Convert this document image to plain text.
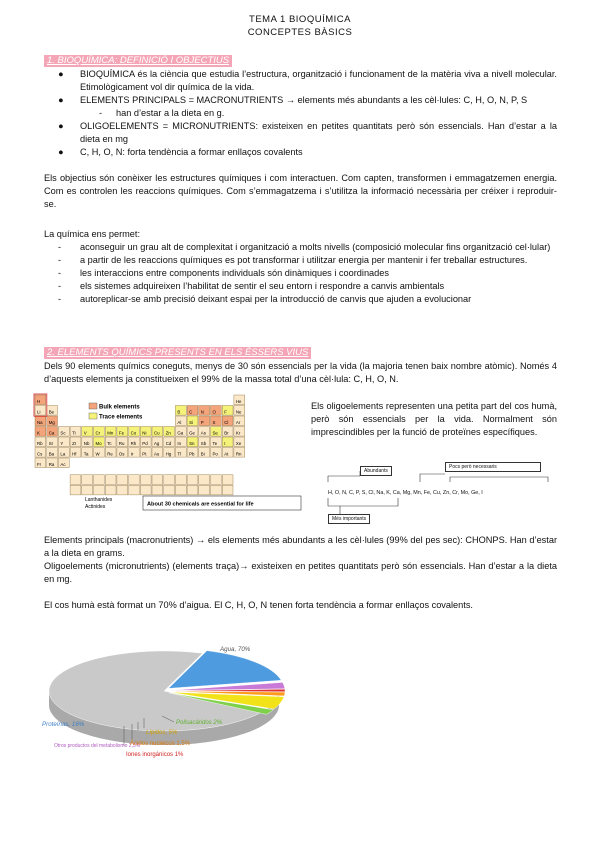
TEMA 1 BIOQUÍMICA
CONCEPTES BÀSICS
1. BIOQUÍMICA: DEFINICIÓ I OBJECTIUS
● BIOQUÍMICA és la ciència que estudia l’estructura, organització i funcionament de la matèria viva a nivell molecular. Etimològicament vol dir química de la vida.
● ELEMENTS PRINCIPALS = MACRONUTRIENTS → elements més abundants a les cèl·lules: C, H, O, N, P, S
- han d’estar a la dieta en g.
● OLIGOELEMENTS = MICRONUTRIENTS: existeixen en petites quantitats però són essencials. Han d’estar a la dieta en mg
● C, H, O, N: forta tendència a formar enllaços covalents
Els objectius són conèixer les estructures químiques i com interactuen. Com capten, transformen i emmagatzemen energia. Com es controlen les reaccions químiques. Com s’emmagatzema i s’utilitza la informació necessària per créixer i reproduir-se.
La química ens permet:
- aconseguir un grau alt de complexitat i organització a molts nivells (composició molecular fins organització cel·lular)
- a partir de les reaccions químiques es pot transformar i utilitzar energia per mantenir i fer treballar estructures.
- les interaccions entre components individuals són dinàmiques i coordinades
- els sistemes adquireixen l’habilitat de sentir el seu entorn i respondre a canvis ambientals
- autoreplicar-se amb precisió deixant espai per la introducció de canvis que ajuden a evolucionar
2. ELEMENTS QUÍMICS PRESENTS EN ELS ÉSSERS VIUS
Dels 90 elements químics coneguts, menys de 30 són essencials per la vida (la majoria tenen baix nombre atòmic). Només 4 d’aquests elements ja constitueixen el 99% de la massa total d’una cèl·lula: C, H, O, N.
H	He
Li Be	B C N O F Ne
Na Mg	Al Si P S Cl Ar
K Ca Sc Ti V Cr Mn Fe Co Ni Cu Zn Ga Ge As Se Br Kr
Rb Sr Y Zr Nb Mo Tc Ru Rh Pd Ag Cd In Sn Sb Te I Xe
Cs Ba La Hf Ta W Re Os Ir Pt Au Hg Tl Pb Bi Po At Rn
Fr Ra Ac
Bulk elements
Trace elements
Lanthanides
Actinides	About 30 chemicals are essential for life
Els oligoelements representen una petita part del cos humà, però són essencials per la vida. Normalment són imprescindibles per la funció de proteïnes específiques.
Abundants
Pocs però necessaris
H, O, N, C, P, S, Cl, Na, K, Ca, Mg, Mn, Fe, Cu, Zn, Cr, Mo, Ge, I
Més importants
Elements principals (macronutrients) → els elements més abundants a les cèl·lules (99% del pes sec): CHONPS. Han d’estar a la dieta en grams.
Oligoelements (micronutrients) (elements traça)→ existeixen en petites quantitats però són essencials. Han d’estar a la dieta en mg.
El cos humà està format un 70% d’aigua. El C, H, O, N tenen forta tendència a formar enllaços covalents.
Agua, 70%
Proteínas, 16%
Otros productos del metabolismo 2,5%
Polisacáridos 2%
Lípidos, 5%
Ácidos nucleicos 1,5%
Iones inorgánicos 1%
